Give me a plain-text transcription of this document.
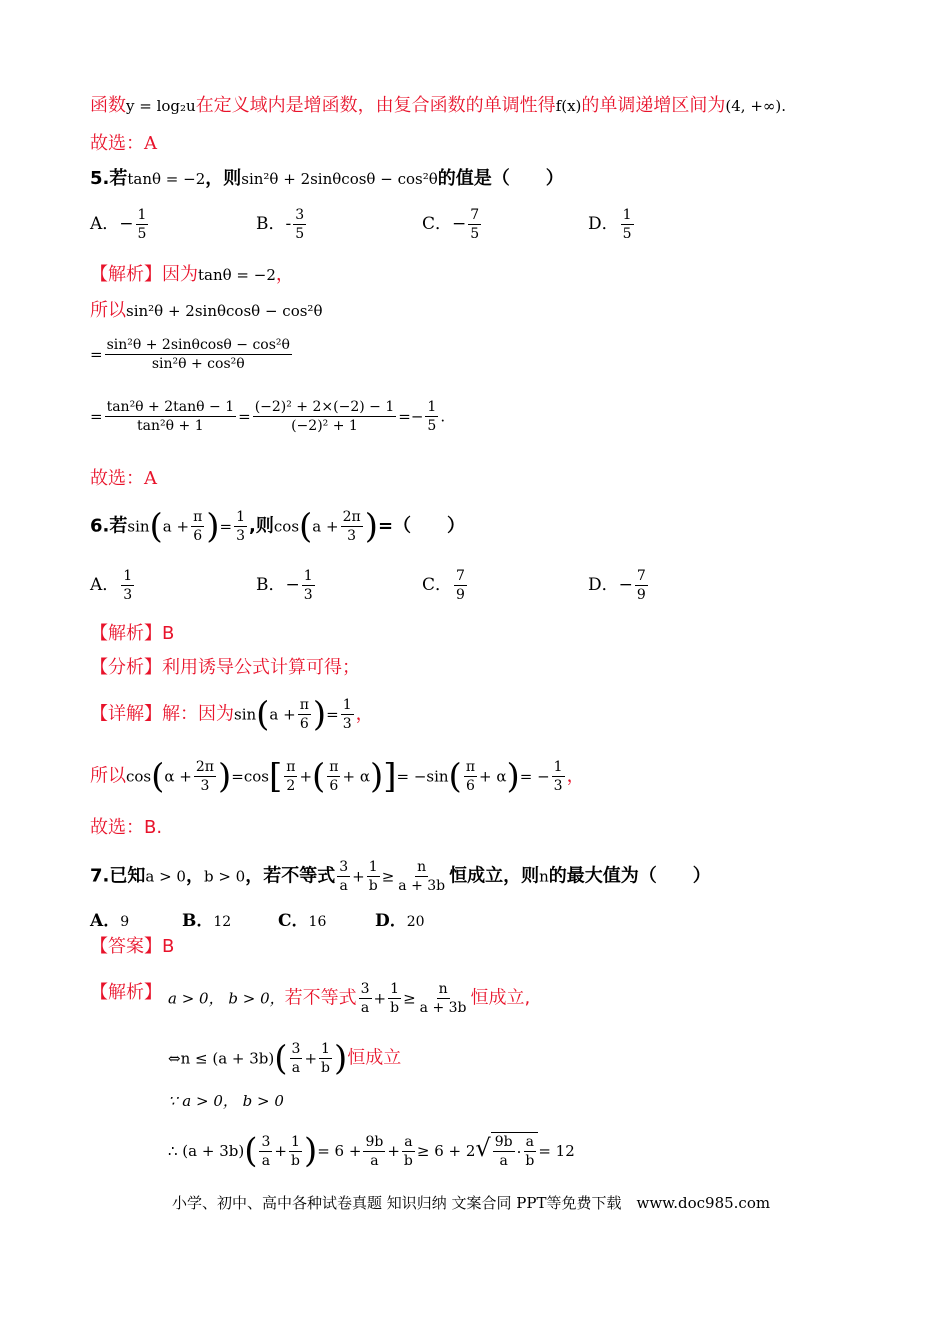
函数y = log₂u在定义域内是增函数，由复合函数的单调性得f(x)的单调递增区间为(4, +∞).
故选：A
5.若tanθ = −2，则sin²θ + 2sinθcosθ − cos²θ的值是（　　）
A．− $\frac{1}{5}$	B．- $\frac{3}{5}$	C．− $\frac{7}{5}$	D． $\frac{1}{5}$
【解析】因为tanθ = −2，
所以sin²θ + 2sinθcosθ − cos²θ
= $\frac{\text{sin²θ + 2sinθcosθ − cos²θ}}{\text{sin²θ + cos²θ}}$
= $\frac{\text{tan²θ + 2tanθ − 1}}{\text{tan²θ + 1}} = \frac{\text{(−2)² + 2×(−2) − 1}}{\text{(−2)² + 1}} =- \frac{1}{5}$ .
故选：A
6.若$\sin(a + \frac{\pi}{6}$ )= $\frac{1}{3}$ ,则$\cos(a + \frac{2\pi}{3}$ )=（　　）
A． $\frac{1}{3}$	B．− $\frac{1}{3}$	C． $\frac{7}{9}$	D．− $\frac{7}{9}$
【解析】B
【分析】利用诱导公式计算可得；
【详解】解：因为$\sin(a + \frac{\pi}{6}$ )= $\frac{1}{3}$ ，
所以$\cos(\alpha + \frac{2\pi}{3} )=\cos[ \frac{\pi}{2}$ +( $\frac{\pi}{6} + \alpha)]= -\sin( \frac{\pi}{6} + \alpha)= - \frac{1}{3}$ ，
故选：B.
7.已知a > 0，b > 0，若不等式 $\frac{3}{a} + \frac{1}{b} \ge \frac{n}{a + 3b}$ 恒成立，则n的最大值为（　　）
A．9	B．12	C．16	D．20
【答案】B
【解析】 a > 0， b > 0，若不等式 $\frac{3}{a} + \frac{1}{b} \ge \frac{n}{a + 3b}$ 恒成立,
⇔n ≤ $(a + 3b)( \frac{3}{a} + \frac{1}{b}$ )恒成立
∵ a > 0， b > 0
∴ $(a + 3b)( \frac{3}{a} + \frac{1}{b}$ )= $6 + \frac{9b}{a} + \frac{a}{b} \ge 6 + 2√ \frac{9b}{a} \cdot \frac{a}{b} = 12$
小学、初中、高中各种试卷真题 知识归纳 文案合同 PPT等免费下载　www.doc985.com
